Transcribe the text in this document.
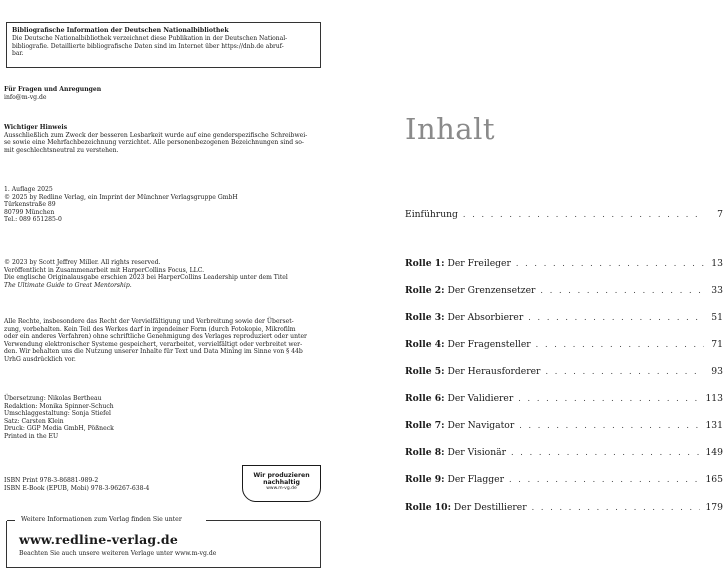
Bibliografische Information der Deutschen Nationalbibliothek
Die Deutsche Nationalbibliothek verzeichnet diese Publikation in der Deutschen National-
bibliografie. Detaillierte bibliografische Daten sind im Internet über https://dnb.de abruf-
bar.
Für Fragen und Anregungen
info@m-vg.de
Wichtiger Hinweis
Ausschließlich zum Zweck der besseren Lesbarkeit wurde auf eine genderspezifische Schreibwei-
se sowie eine Mehrfachbezeichnung verzichtet. Alle personenbezogenen Bezeichnungen sind so-
mit geschlechtsneutral zu verstehen.
1. Auflage 2025
© 2025 by Redline Verlag, ein Imprint der Münchner Verlagsgruppe GmbH
Türkenstraße 89
80799 München
Tel.: 089 651285-0
© 2023 by Scott Jeffrey Miller. All rights reserved.
Veröffentlicht in Zusammenarbeit mit HarperCollins Focus, LLC.
Die englische Originalausgabe erschien 2023 bei HarperCollins Leadership unter dem Titel
The Ultimate Guide to Great Mentorship.
Alle Rechte, insbesondere das Recht der Vervielfältigung und Verbreitung sowie der Überset-
zung, vorbehalten. Kein Teil des Werkes darf in irgendeiner Form (durch Fotokopie, Mikrofilm
oder ein anderes Verfahren) ohne schriftliche Genehmigung des Verlages reproduziert oder unter
Verwendung elektronischer Systeme gespeichert, verarbeitet, vervielfältigt oder verbreitet wer-
den. Wir behalten uns die Nutzung unserer Inhalte für Text und Data Mining im Sinne von § 44b
UrhG ausdrücklich vor.
Übersetzung: Nikolas Bertheau
Redaktion: Monika Spinner-Schuch
Umschlaggestaltung: Sonja Stiefel
Satz: Carsten Klein
Druck: GGP Media GmbH, Pößneck
Printed in the EU
ISBN Print 978-3-86881-989-2
ISBN E-Book (EPUB, Mobi) 978-3-96267-638-4
Wir produzieren
nachhaltig
www.m-vg.de
Weitere Informationen zum Verlag finden Sie unter
www.redline-verlag.de
Beachten Sie auch unsere weiteren Verlage unter www.m-vg.de
Inhalt
Einführung . . .	7
Rolle 1: Der Freileger . . .	13
Rolle 2: Der Grenzensetzer . . .	33
Rolle 3: Der Absorbierer . . .	51
Rolle 4: Der Fragensteller . . .	71
Rolle 5: Der Herausforderer . . .	93
Rolle 6: Der Validierer . . .	113
Rolle 7: Der Navigator . . .	131
Rolle 8: Der Visionär . . .	149
Rolle 9: Der Flagger . . .	165
Rolle 10: Der Destillierer . . .	179
